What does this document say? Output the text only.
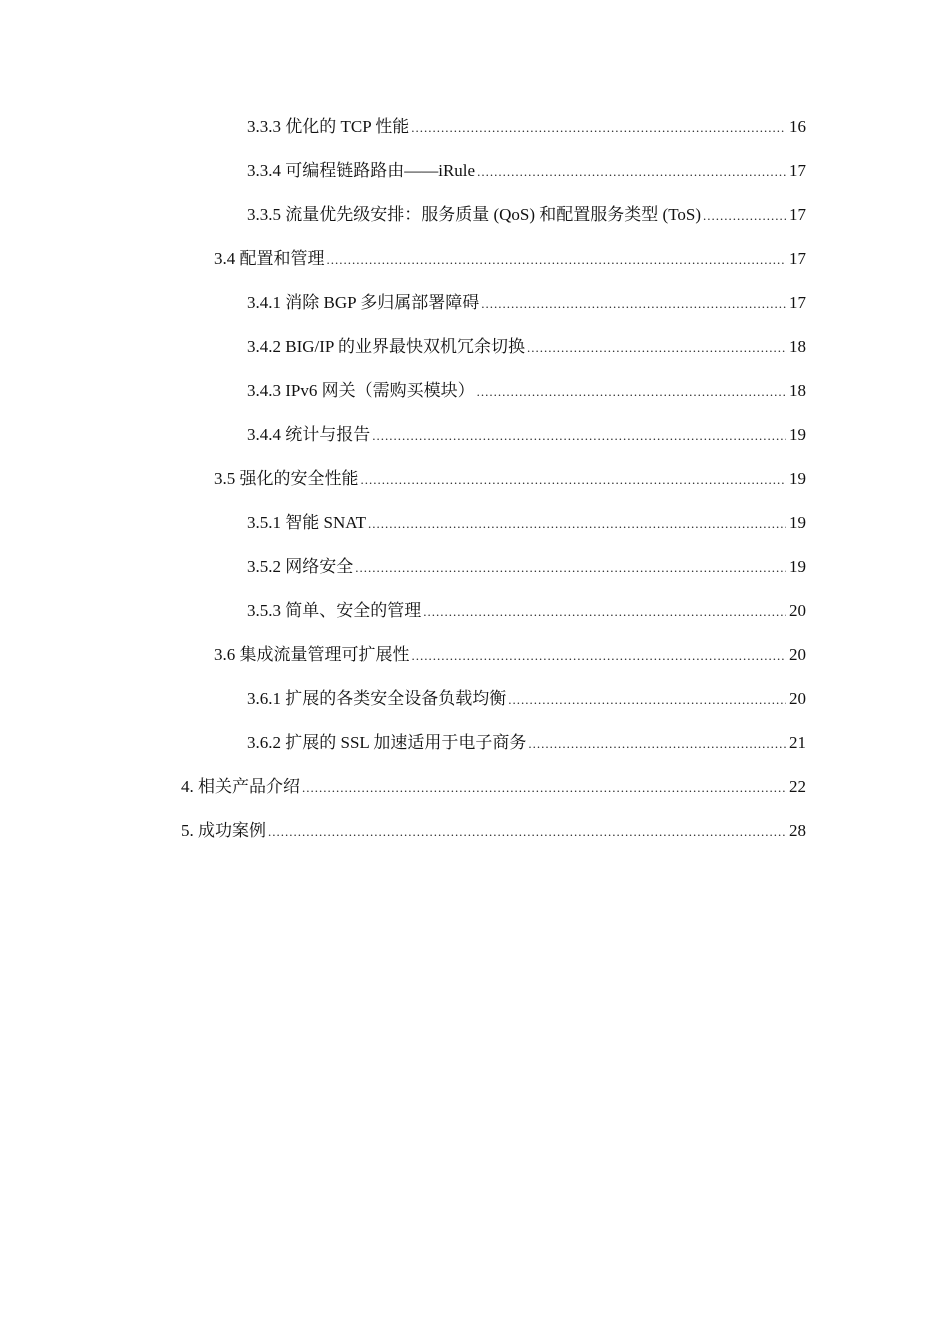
3.3.3 优化的 TCP 性能 .....	16
3.3.4 可编程链路路由——iRule .....	17
3.3.5 流量优先级安排：服务质量 (QoS) 和配置服务类型 (ToS) .....	17
3.4 配置和管理 .....	17
3.4.1 消除 BGP 多归属部署障碍 .....	17
3.4.2 BIG/IP 的业界最快双机冗余切换 .....	18
3.4.3 IPv6 网关（需购买模块） .....	18
3.4.4 统计与报告 .....	19
3.5 强化的安全性能 .....	19
3.5.1 智能 SNAT .....	19
3.5.2 网络安全 .....	19
3.5.3 简单、安全的管理 .....	20
3.6 集成流量管理可扩展性 .....	20
3.6.1 扩展的各类安全设备负载均衡 .....	20
3.6.2 扩展的 SSL 加速适用于电子商务 .....	21
4. 相关产品介绍 .....	22
5. 成功案例 .....	28
